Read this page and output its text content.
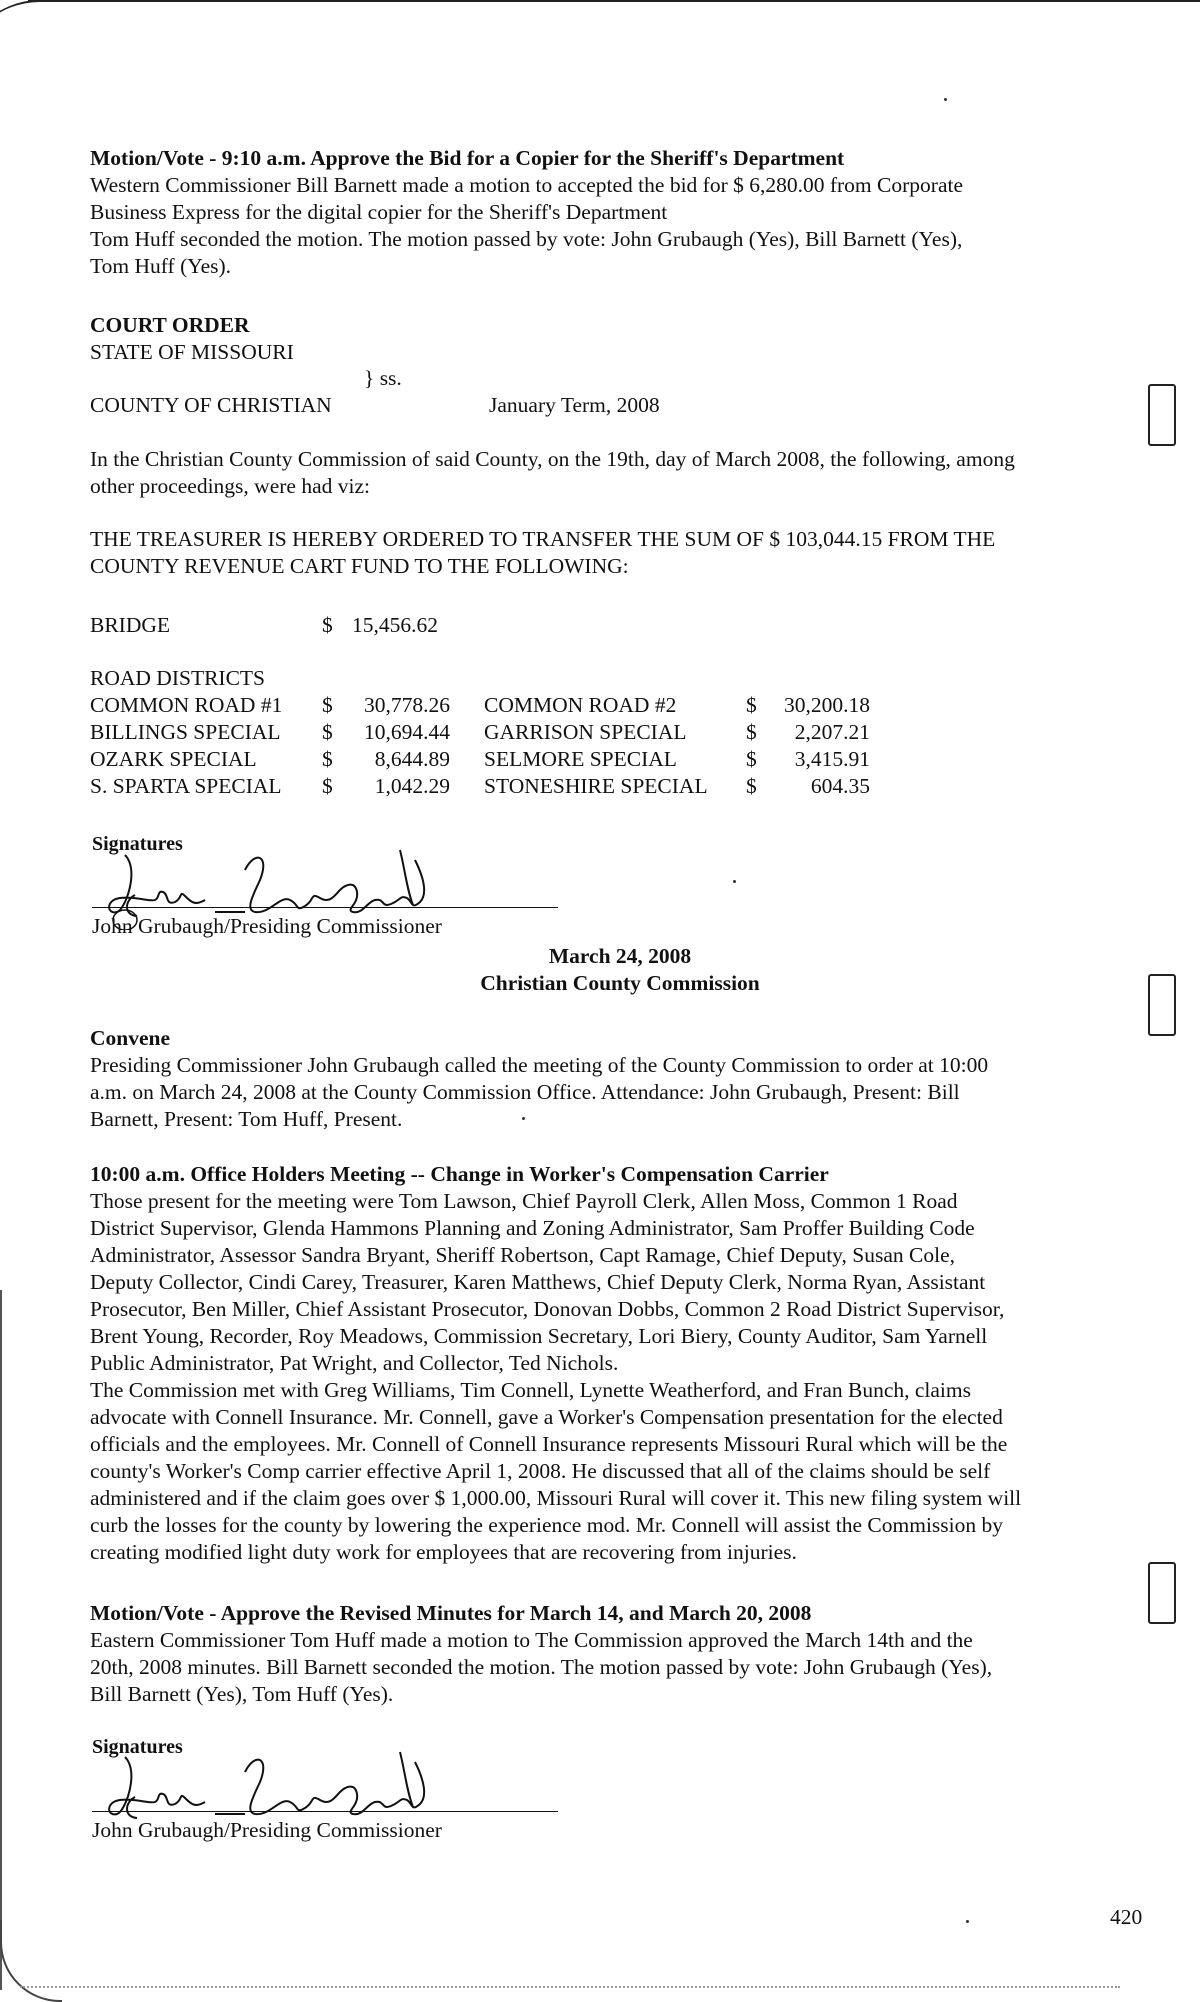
Motion/Vote - 9:10 a.m. Approve the Bid for a Copier for the Sheriff's Department
Western Commissioner Bill Barnett made a motion to accepted the bid for $ 6,280.00 from Corporate
Business Express for the digital copier for the Sheriff's Department
Tom Huff seconded the motion. The motion passed by vote: John Grubaugh (Yes), Bill Barnett (Yes),
Tom Huff (Yes).
COURT ORDER
STATE OF MISSOURI
} ss.
COUNTY OF CHRISTIAN	January Term, 2008
In the Christian County Commission of said County, on the 19th, day of March 2008, the following, among
other proceedings, were had viz:
THE TREASURER IS HEREBY ORDERED TO TRANSFER THE SUM OF $ 103,044.15 FROM THE
COUNTY REVENUE CART FUND TO THE FOLLOWING:
BRIDGE	$ 15,456.62
ROAD DISTRICTS
COMMON ROAD #1 $	30,778.26 COMMON ROAD #2	$	30,200.18
BILLINGS SPECIAL $	10,694.44 GARRISON SPECIAL	$	2,207.21
OZARK SPECIAL	$	8,644.89 SELMORE SPECIAL	$	3,415.91
S. SPARTA SPECIAL $	1,042.29 STONESHIRE SPECIAL $	604.35
Signatures
John Grubaugh/Presiding Commissioner
March 24, 2008
Christian County Commission
Convene
Presiding Commissioner John Grubaugh called the meeting of the County Commission to order at 10:00
a.m. on March 24, 2008 at the County Commission Office. Attendance: John Grubaugh, Present: Bill
Barnett, Present: Tom Huff, Present.
10:00 a.m. Office Holders Meeting -- Change in Worker's Compensation Carrier
Those present for the meeting were Tom Lawson, Chief Payroll Clerk, Allen Moss, Common 1 Road
District Supervisor, Glenda Hammons Planning and Zoning Administrator, Sam Proffer Building Code
Administrator, Assessor Sandra Bryant, Sheriff Robertson, Capt Ramage, Chief Deputy, Susan Cole,
Deputy Collector, Cindi Carey, Treasurer, Karen Matthews, Chief Deputy Clerk, Norma Ryan, Assistant
Prosecutor, Ben Miller, Chief Assistant Prosecutor, Donovan Dobbs, Common 2 Road District Supervisor,
Brent Young, Recorder, Roy Meadows, Commission Secretary, Lori Biery, County Auditor, Sam Yarnell
Public Administrator, Pat Wright, and Collector, Ted Nichols.
The Commission met with Greg Williams, Tim Connell, Lynette Weatherford, and Fran Bunch, claims
advocate with Connell Insurance. Mr. Connell, gave a Worker's Compensation presentation for the elected
officials and the employees. Mr. Connell of Connell Insurance represents Missouri Rural which will be the
county's Worker's Comp carrier effective April 1, 2008. He discussed that all of the claims should be self
administered and if the claim goes over $ 1,000.00, Missouri Rural will cover it. This new filing system will
curb the losses for the county by lowering the experience mod. Mr. Connell will assist the Commission by
creating modified light duty work for employees that are recovering from injuries.
Motion/Vote - Approve the Revised Minutes for March 14, and March 20, 2008
Eastern Commissioner Tom Huff made a motion to The Commission approved the March 14th and the
20th, 2008 minutes. Bill Barnett seconded the motion. The motion passed by vote: John Grubaugh (Yes),
Bill Barnett (Yes), Tom Huff (Yes).
Signatures
John Grubaugh/Presiding Commissioner
420
